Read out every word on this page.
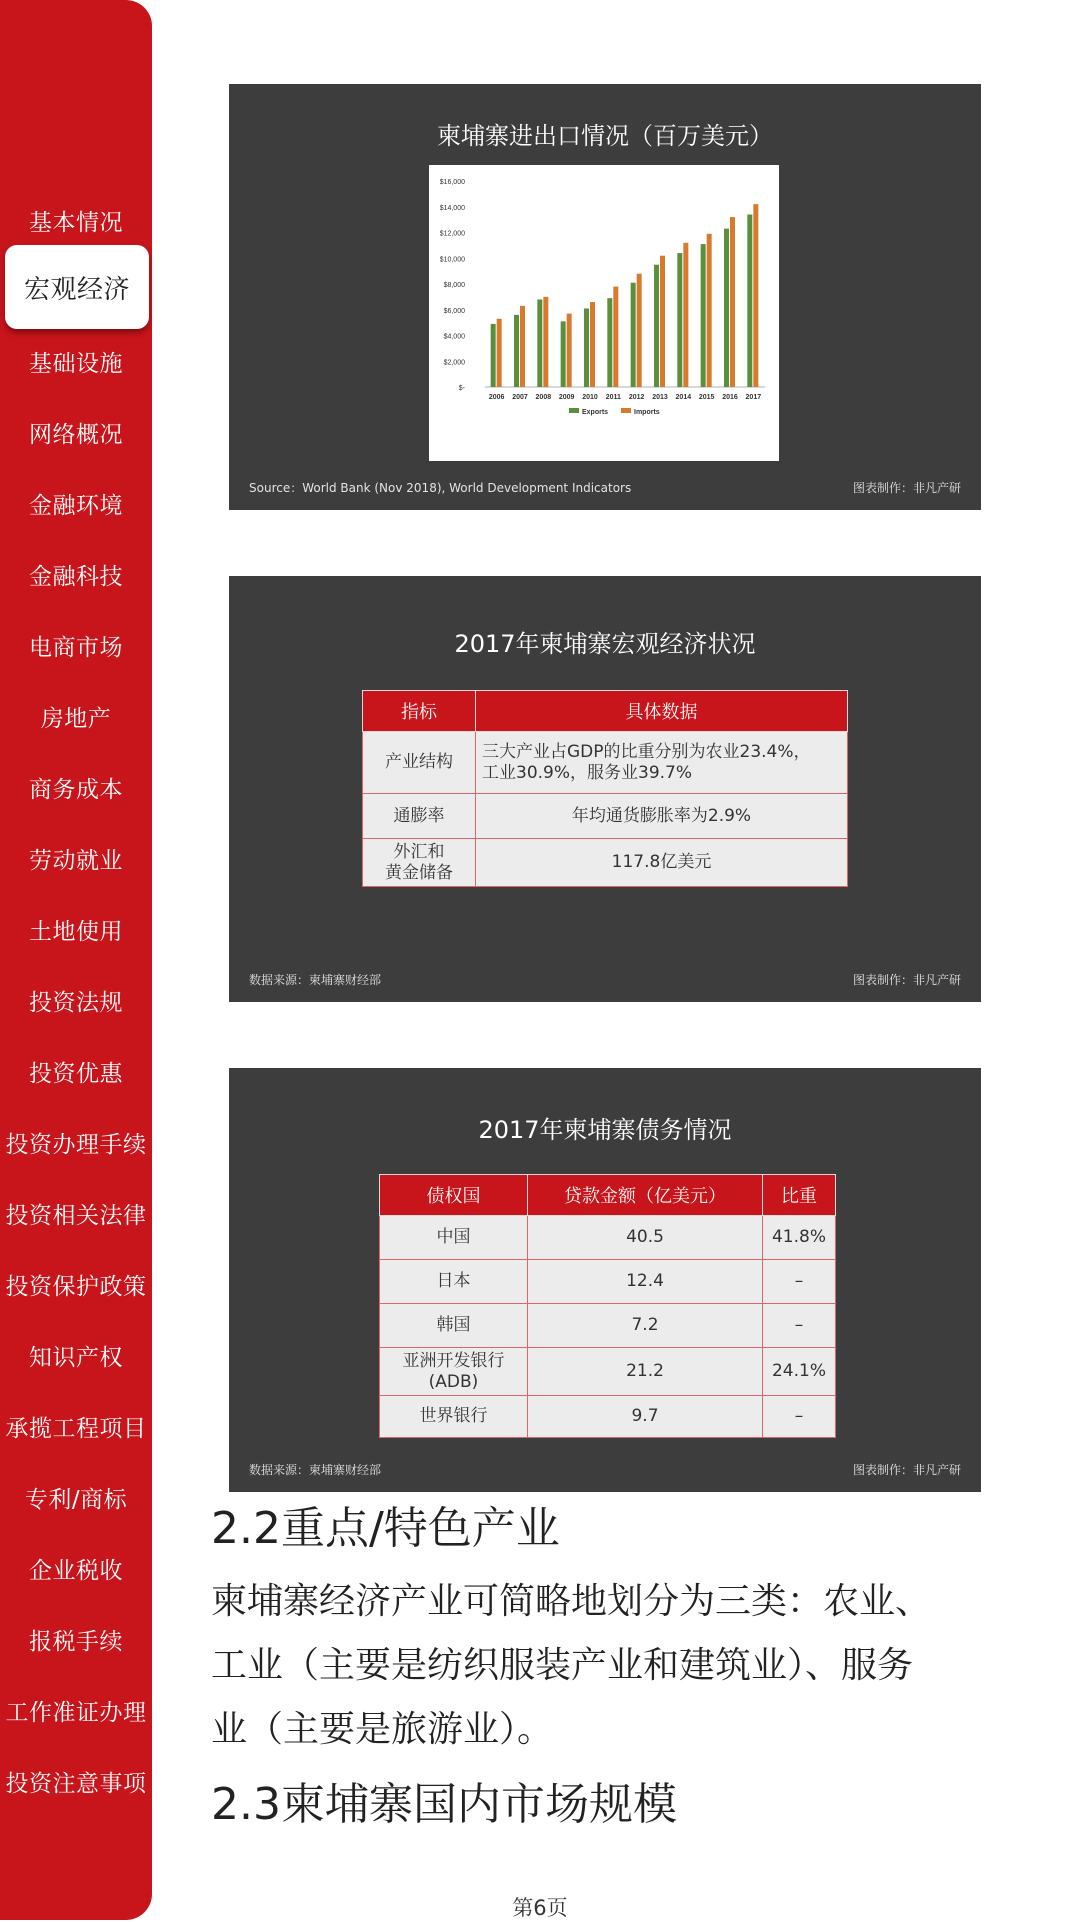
基本情况
宏观经济
基础设施
网络概况
金融环境
金融科技
电商市场
房地产
商务成本
劳动就业
土地使用
投资法规
投资优惠
投资办理手续
投资相关法律
投资保护政策
知识产权
承揽工程项目
专利/商标
企业税收
报税手续
工作准证办理
投资注意事项
柬埔寨进出口情况（百万美元）
$-
$2,000
$4,000
$6,000
$8,000
$10,000
$12,000
$14,000
$16,000
2006 2007 2008 2009 2010 2011 2012 2013 2014 2015 2016 2017
Exports	Imports
Source：World Bank (Nov 2018), World Development Indicators	图表制作：非凡产研
2017年柬埔寨宏观经济状况
指标	具体数据
产业结构	三大产业占GDP的比重分别为农业23.4%，
工业30.9%，服务业39.7%
通膨率	年均通货膨胀率为2.9%
外汇和
黄金储备	117.8亿美元
数据来源：柬埔寨财经部	图表制作：非凡产研
2017年柬埔寨债务情况
债权国	贷款金额（亿美元）	比重
中国	40.5	41.8%
日本	12.4	–
韩国	7.2	–
亚洲开发银行
(ADB)	21.2	24.1%
世界银行	9.7	–
数据来源：柬埔寨财经部	图表制作：非凡产研
2.2重点/特色产业
柬埔寨经济产业可简略地划分为三类：农业、
工业（主要是纺织服装产业和建筑业）、服务
业（主要是旅游业）。
2.3柬埔寨国内市场规模
第6页
